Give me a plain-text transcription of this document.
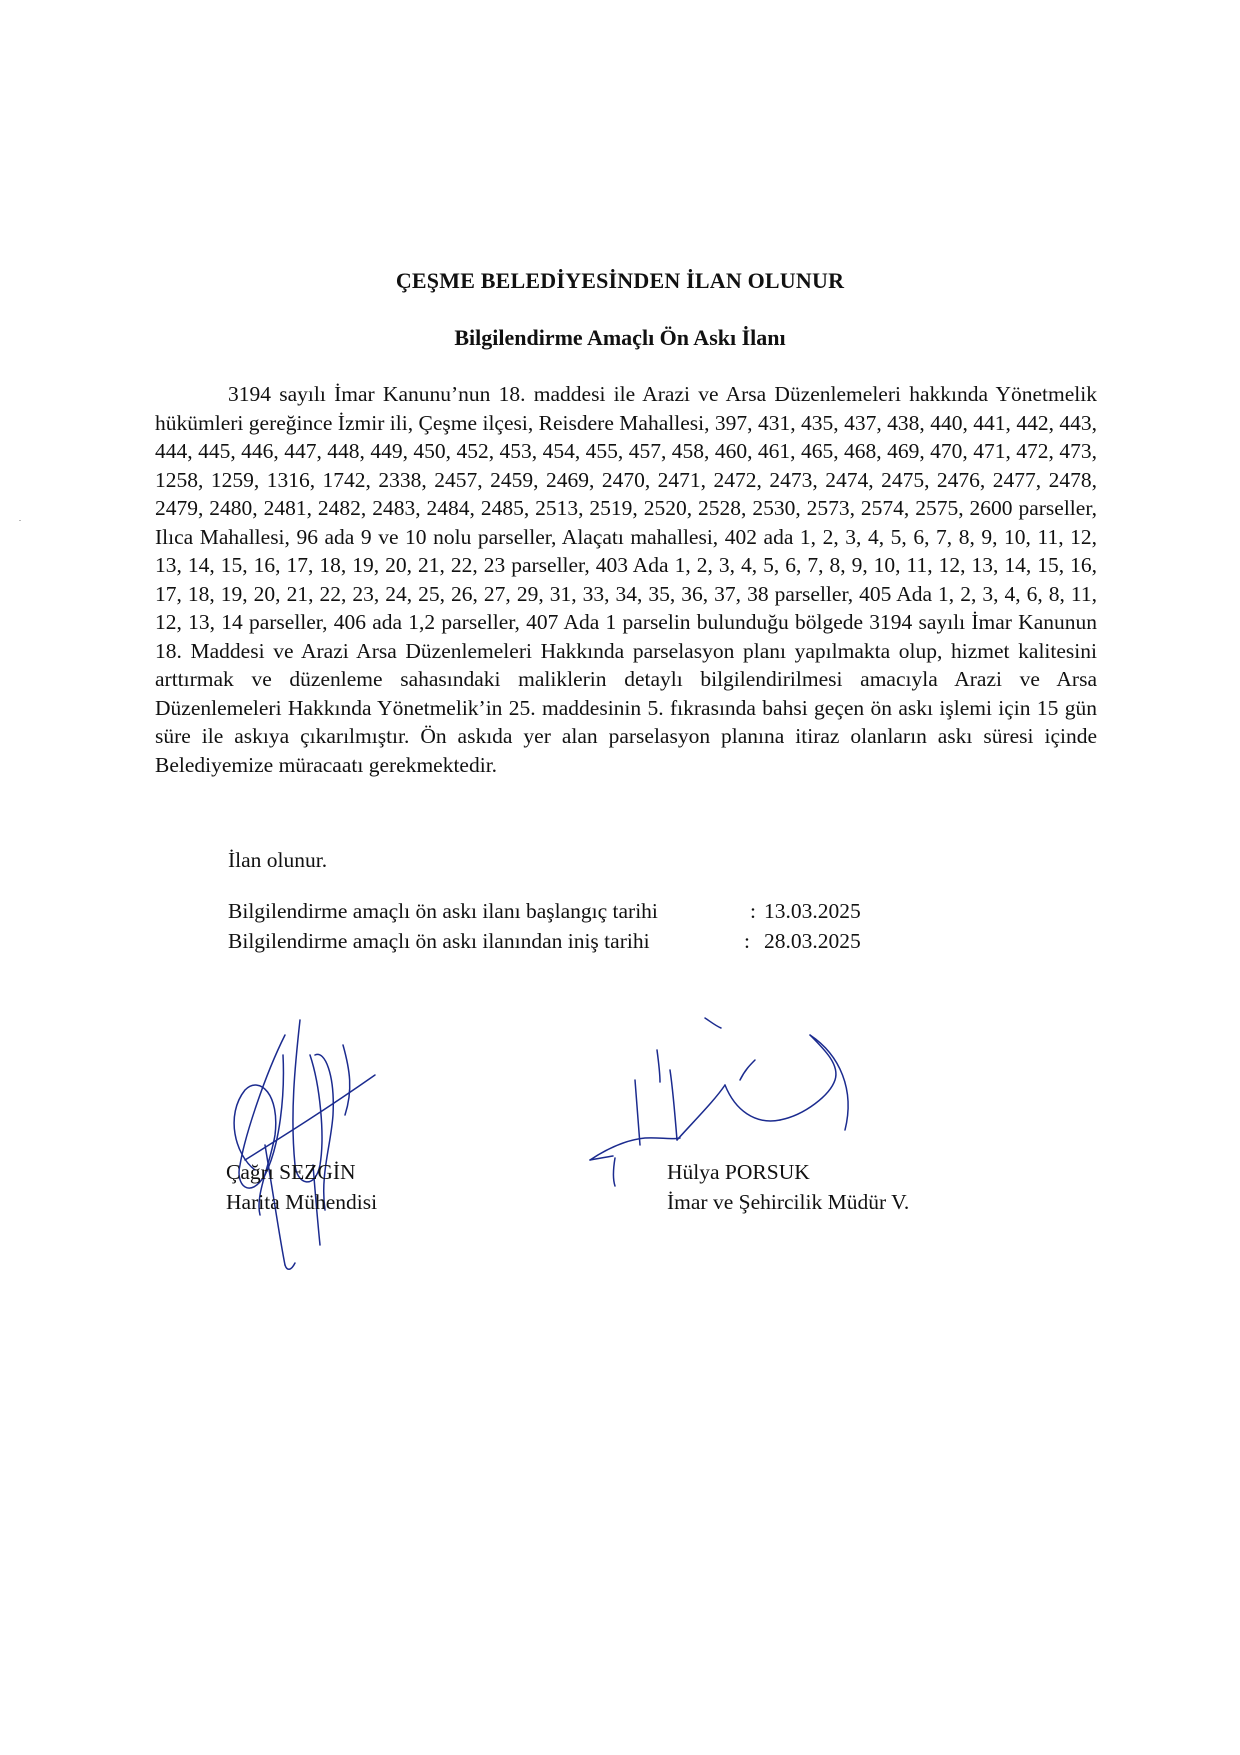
ÇEŞME BELEDİYESİNDEN İLAN OLUNUR
Bilgilendirme Amaçlı Ön Askı İlanı

3194 sayılı İmar Kanunu’nun 18. maddesi ile Arazi ve Arsa Düzenlemeleri hakkında Yönetmelik hükümleri gereğince İzmir ili, Çeşme ilçesi, Reisdere Mahallesi, 397, 431, 435, 437, 438, 440, 441, 442, 443, 444, 445, 446, 447, 448, 449, 450, 452, 453, 454, 455, 457, 458, 460, 461, 465, 468, 469, 470, 471, 472, 473, 1258, 1259, 1316, 1742, 2338, 2457, 2459, 2469, 2470, 2471, 2472, 2473, 2474, 2475, 2476, 2477, 2478, 2479, 2480, 2481, 2482, 2483, 2484, 2485, 2513, 2519, 2520, 2528, 2530, 2573, 2574, 2575, 2600 parseller, Ilıca Mahallesi, 96 ada 9 ve 10 nolu parseller, Alaçatı mahallesi, 402 ada 1, 2, 3, 4, 5, 6, 7, 8, 9, 10, 11, 12, 13, 14, 15, 16, 17, 18, 19, 20, 21, 22, 23 parseller, 403 Ada 1, 2, 3, 4, 5, 6, 7, 8, 9, 10, 11, 12, 13, 14, 15, 16, 17, 18, 19, 20, 21, 22, 23, 24, 25, 26, 27, 29, 31, 33, 34, 35, 36, 37, 38 parseller, 405 Ada 1, 2, 3, 4, 6, 8, 11, 12, 13, 14 parseller, 406 ada 1,2 parseller, 407 Ada 1 parselin bulunduğu bölgede 3194 sayılı İmar Kanunun 18. Maddesi ve Arazi Arsa Düzenlemeleri Hakkında parselasyon planı yapılmakta olup, hizmet kalitesini arttırmak ve düzenleme sahasındaki maliklerin detaylı bilgilendirilmesi amacıyla Arazi ve Arsa Düzenlemeleri Hakkında Yönetmelik’in 25. maddesinin 5. fıkrasında bahsi geçen ön askı işlemi için 15 gün süre ile askıya çıkarılmıştır. Ön askıda yer alan parselasyon planına itiraz olanların askı süresi içinde Belediyemize müracaatı gerekmektedir.

İlan olunur.

Bilgilendirme amaçlı ön askı ilanı başlangıç tarihi	: 13.03.2025
Bilgilendirme amaçlı ön askı ilanından iniş tarihi	: 28.03.2025
Çağrı SEZGİN
Harita Mühendisi
Hülya PORSUK
İmar ve Şehircilik Müdür V.
